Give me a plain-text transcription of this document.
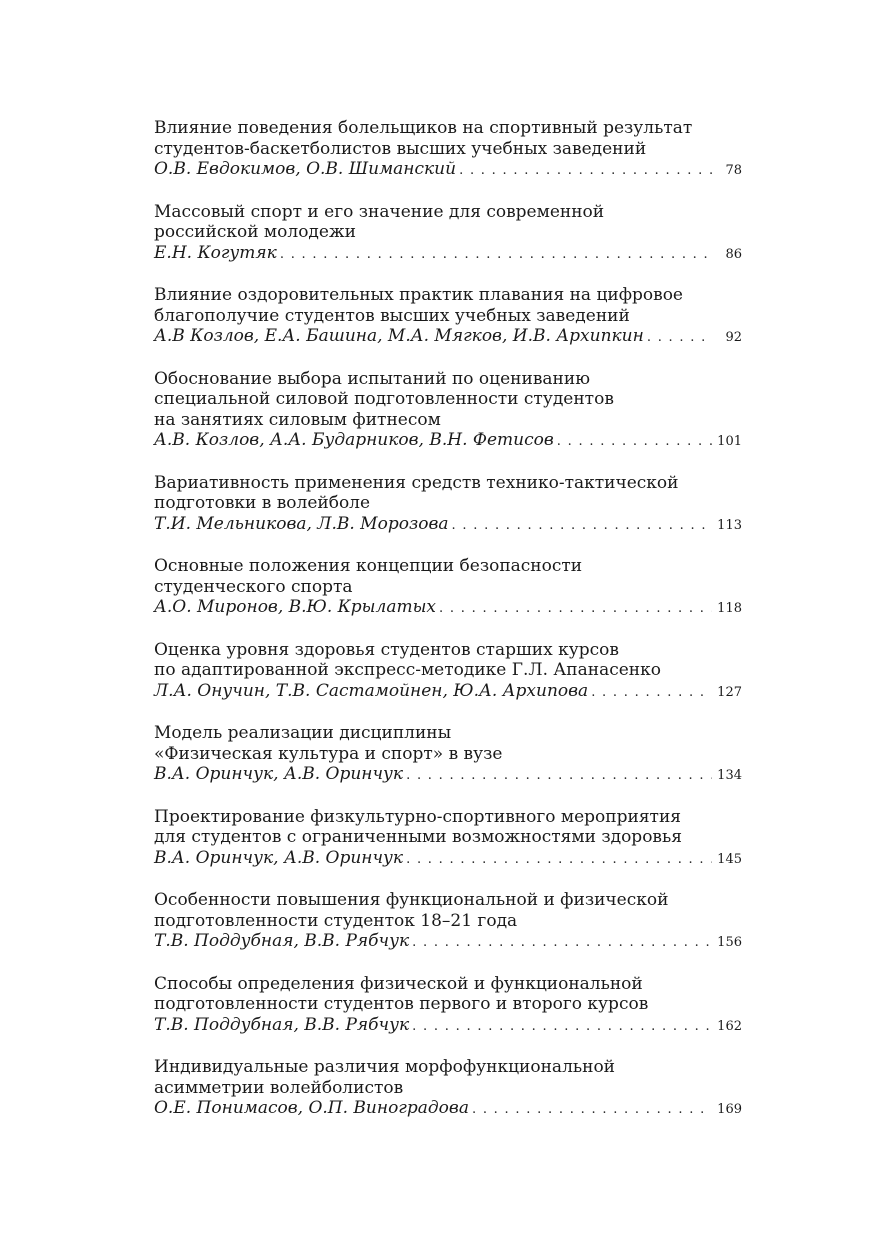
Влияние поведения болельщиков на спортивный результат
студентов-баскетболистов высших учебных заведений
О.В. Евдокимов, О.В. Шиманский . . .	78
Массовый спорт и его значение для современной
российской молодежи
Е.Н. Когутяк . . .	86
Влияние оздоровительных практик плавания на цифровое
благополучие студентов высших учебных заведений
А.В Козлов, Е.А. Башина, М.А. Мягков, И.В. Архипкин . . .	92
Обоснование выбора испытаний по оцениванию
специальной силовой подготовленности студентов
на занятиях силовым фитнесом
А.В. Козлов, А.А. Бударников, В.Н. Фетисов . . .	101
Вариативность применения средств технико-тактической
подготовки в волейболе
Т.И. Мельникова, Л.В. Морозова . . .	113
Основные положения концепции безопасности
студенческого спорта
А.О. Миронов, В.Ю. Крылатых . . .	118
Оценка уровня здоровья студентов старших курсов
по адаптированной экспресс-методике Г.Л. Апанасенко
Л.А. Онучин, Т.В. Састамойнен, Ю.А. Архипова . . .	127
Модель реализации дисциплины
«Физическая культура и спорт» в вузе
В.А. Оринчук, А.В. Оринчук . . .	134
Проектирование физкультурно-спортивного мероприятия
для студентов с ограниченными возможностями здоровья
В.А. Оринчук, А.В. Оринчук . . .	145
Особенности повышения функциональной и физической
подготовленности студенток 18–21 года
Т.В. Поддубная, В.В. Рябчук . . .	156
Способы определения физической и функциональной
подготовленности студентов первого и второго курсов
Т.В. Поддубная, В.В. Рябчук . . .	162
Индивидуальные различия морфофункциональной
асимметрии волейболистов
О.Е. Понимасов, О.П. Виноградова . . .	169
